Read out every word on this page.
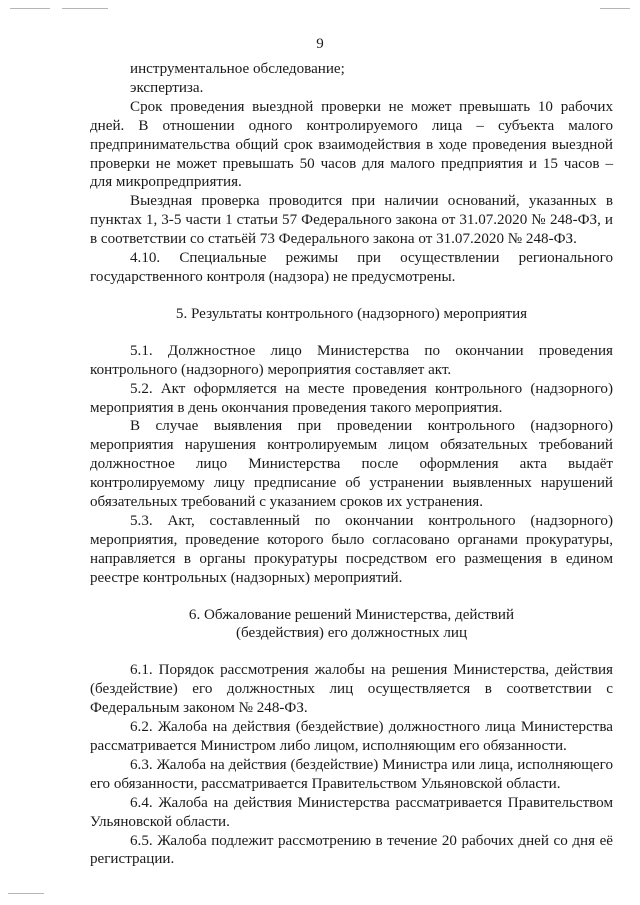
9

инструментальное обследование;

экспертиза.

Срок проведения выездной проверки не может превышать 10 рабочих дней. В отношении одного контролируемого лица – субъекта малого предпринимательства общий срок взаимодействия в ходе проведения выездной проверки не может превышать 50 часов для малого предприятия и 15 часов – для микропредприятия.

Выездная проверка проводится при наличии оснований, указанных в пунктах 1, 3-5 части 1 статьи 57 Федерального закона от 31.07.2020 № 248-ФЗ, и в соответствии со статьёй 73 Федерального закона от 31.07.2020 № 248-ФЗ.

4.10. Специальные режимы при осуществлении регионального государственного контроля (надзора) не предусмотрены.

5. Результаты контрольного (надзорного) мероприятия

5.1. Должностное лицо Министерства по окончании проведения контрольного (надзорного) мероприятия составляет акт.

5.2. Акт оформляется на месте проведения контрольного (надзорного) мероприятия в день окончания проведения такого мероприятия.

В случае выявления при проведении контрольного (надзорного) мероприятия нарушения контролируемым лицом обязательных требований должностное лицо Министерства после оформления акта выдаёт контролируемому лицу предписание об устранении выявленных нарушений обязательных требований с указанием сроков их устранения.

5.3. Акт, составленный по окончании контрольного (надзорного) мероприятия, проведение которого было согласовано органами прокуратуры, направляется в органы прокуратуры посредством его размещения в едином реестре контрольных (надзорных) мероприятий.

6. Обжалование решений Министерства, действий

(бездействия) его должностных лиц

6.1. Порядок рассмотрения жалобы на решения Министерства, действия (бездействие) его должностных лиц осуществляется в соответствии с Федеральным законом № 248-ФЗ.

6.2. Жалоба на действия (бездействие) должностного лица Министерства рассматривается Министром либо лицом, исполняющим его обязанности.

6.3. Жалоба на действия (бездействие) Министра или лица, исполняющего его обязанности, рассматривается Правительством Ульяновской области.

6.4. Жалоба на действия Министерства рассматривается Правительством Ульяновской области.

6.5. Жалоба подлежит рассмотрению в течение 20 рабочих дней со дня её регистрации.
